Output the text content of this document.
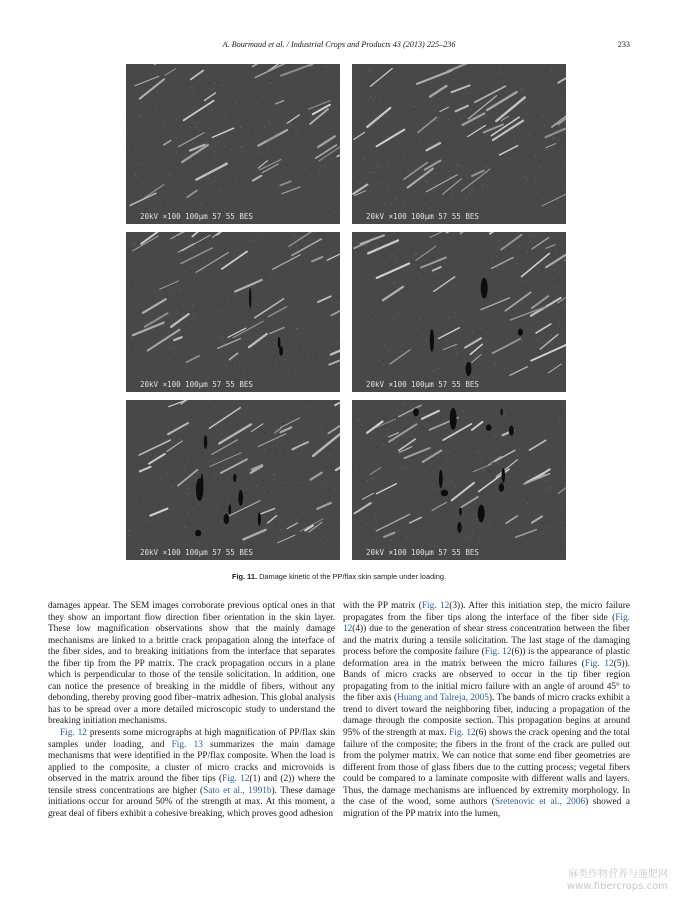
A. Bourmaud et al. / Industrial Crops and Products 43 (2013) 225–236	233
20kV ×100 100μm 57 55 BES	20kV ×100 100μm 57 55 BES
20kV ×100 100μm 57 55 BES	20kV ×100 100μm 57 55 BES
20kV ×100 100μm 57 55 BES	20kV ×100 100μm 57 55 BES
Fig. 11. Damage kinetic of the PP/flax skin sample under loading.

damages appear. The SEM images corroborate previous optical ones in that they show an important flow direction fiber orientation in the skin layer. These low magnification observations show that the mainly damage mechanisms are linked to a brittle crack propagation along the interface of the fiber sides, and to breaking initiations from the interface that separates the fiber tip from the PP matrix. The crack propagation occurs in a plane which is perpendicular to those of the tensile solicitation. In addition, one can notice the presence of breaking in the middle of fibers, without any debonding, thereby proving good fiber–matrix adhesion. This global analysis has to be spread over a more detailed microscopic study to understand the breaking initiation mechanisms.

Fig. 12 presents some micrographs at high magnification of PP/flax skin samples under loading, and Fig. 13 summarizes the main damage mechanisms that were identified in the PP/flax composite. When the load is applied to the composite, a cluster of micro cracks and microvoids is observed in the matrix around the fiber tips (Fig. 12(1) and (2)) where the tensile stress concentrations are higher (Sato et al., 1991b). These damage initiations occur for around 50% of the strength at max. At this moment, a great deal of fibers exhibit a cohesive breaking, which proves good adhesion

with the PP matrix (Fig. 12(3)). After this initiation step, the micro failure propagates from the fiber tips along the interface of the fiber side (Fig. 12(4)) due to the generation of shear stress concentration between the fiber and the matrix during a tensile solicitation. The last stage of the damaging process before the composite failure (Fig. 12(6)) is the appearance of plastic deformation area in the matrix between the micro failures (Fig. 12(5)). Bands of micro cracks are observed to occur in the tip fiber region propagating from to the initial micro failure with an angle of around 45° to the fiber axis (Huang and Talreja, 2005). The bands of micro cracks exhibit a trend to divert toward the neighboring fiber, inducing a propagation of the damage through the composite section. This propagation begins at around 95% of the strength at max. Fig. 12(6) shows the crack opening and the total failure of the composite; the fibers in the front of the crack are pulled out from the polymer matrix. We can notice that some end fiber geometries are different from those of glass fibers due to the cutting process; vegetal fibers could be compared to a laminate composite with different walls and layers. Thus, the damage mechanisms are influenced by extremity morphology. In the case of the wood, some authors (Sretenovic et al., 2006) showed a migration of the PP matrix into the lumen,

麻类作物营养与施肥网
www.fibercrops.com
